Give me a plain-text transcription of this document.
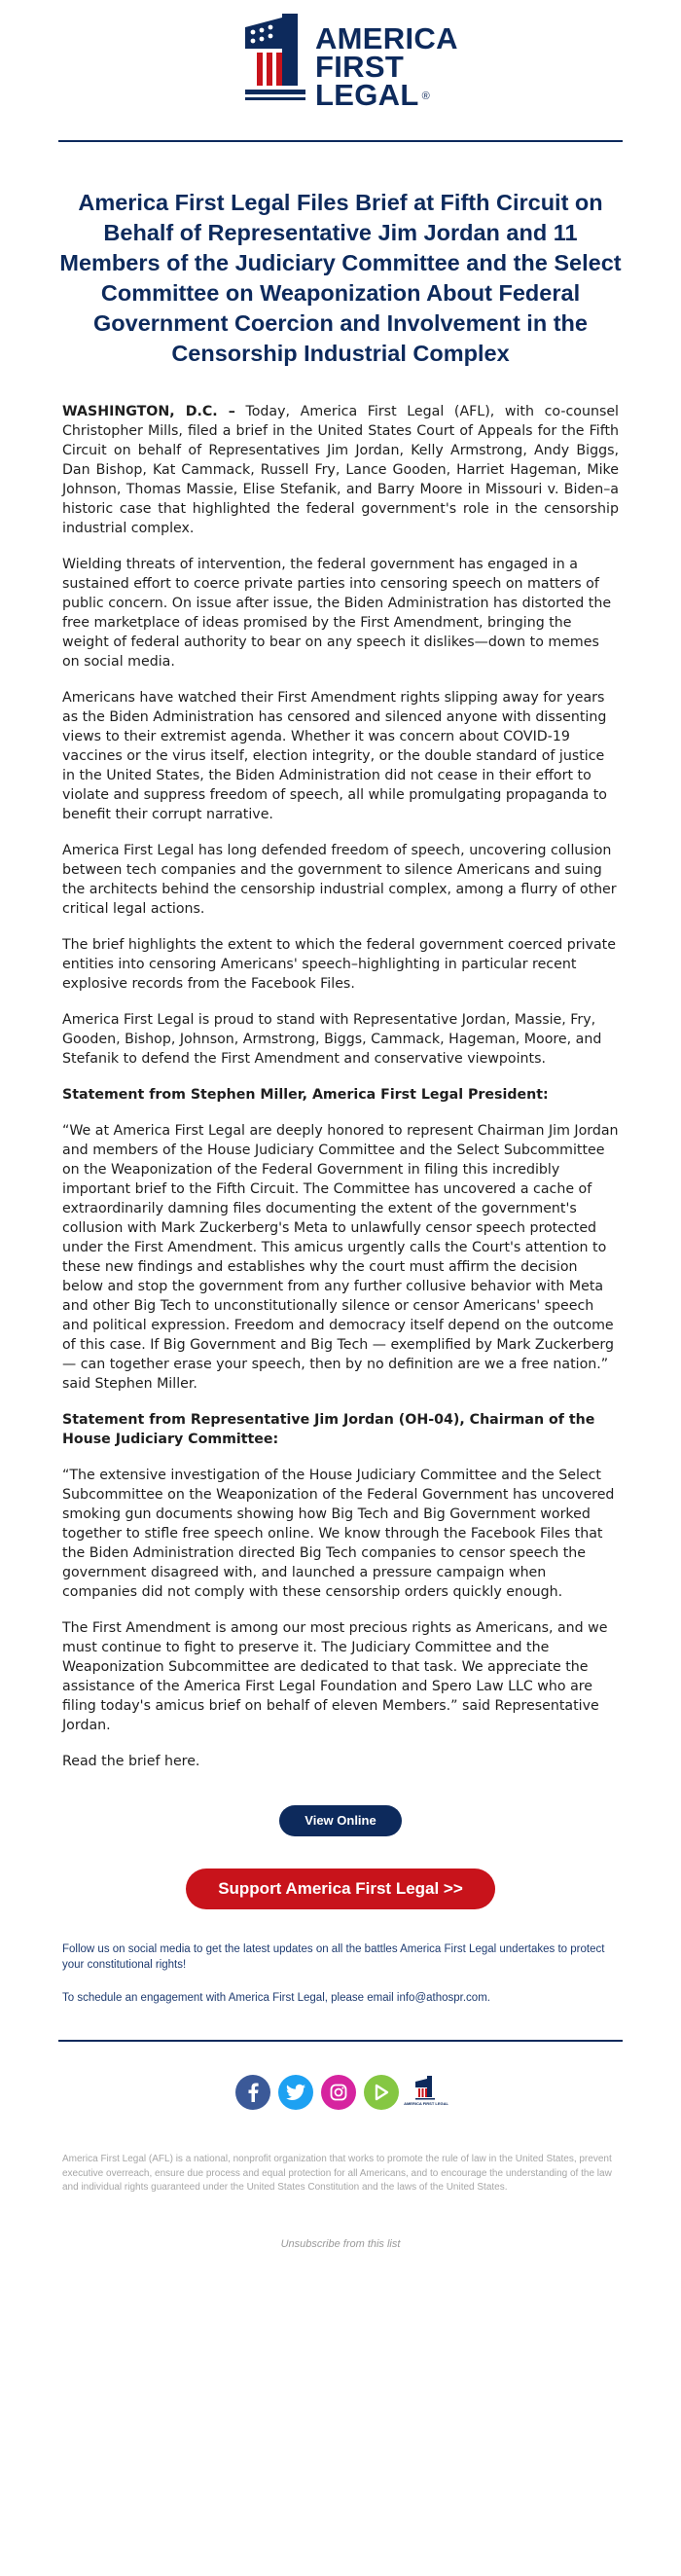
AMERICA
FIRST
LEGAL ®
America First Legal Files Brief at Fifth Circuit on Behalf of Representative Jim Jordan and 11 Members of the Judiciary Committee and the Select Committee on Weaponization About Federal Government Coercion and Involvement in the Censorship Industrial Complex

WASHINGTON, D.C. – Today, America First Legal (AFL), with co-counsel Christopher Mills, filed a brief in the United States Court of Appeals for the Fifth Circuit on behalf of Representatives Jim Jordan, Kelly Armstrong, Andy Biggs, Dan Bishop, Kat Cammack, Russell Fry, Lance Gooden, Harriet Hageman, Mike Johnson, Thomas Massie, Elise Stefanik, and Barry Moore in Missouri v. Biden–a historic case that highlighted the federal government's role in the censorship industrial complex.

Wielding threats of intervention, the federal government has engaged in a sustained effort to coerce private parties into censoring speech on matters of public concern. On issue after issue, the Biden Administration has distorted the free marketplace of ideas promised by the First Amendment, bringing the weight of federal authority to bear on any speech it dislikes—down to memes on social media.

Americans have watched their First Amendment rights slipping away for years as the Biden Administration has censored and silenced anyone with dissenting views to their extremist agenda. Whether it was concern about COVID-19 vaccines or the virus itself, election integrity, or the double standard of justice in the United States, the Biden Administration did not cease in their effort to violate and suppress freedom of speech, all while promulgating propaganda to benefit their corrupt narrative.

America First Legal has long defended freedom of speech, uncovering collusion between tech companies and the government to silence Americans and suing the architects behind the censorship industrial complex, among a flurry of other critical legal actions.

The brief highlights the extent to which the federal government coerced private entities into censoring Americans' speech–highlighting in particular recent explosive records from the Facebook Files.

America First Legal is proud to stand with Representative Jordan, Massie, Fry, Gooden, Bishop, Johnson, Armstrong, Biggs, Cammack, Hageman, Moore, and Stefanik to defend the First Amendment and conservative viewpoints.

Statement from Stephen Miller, America First Legal President:

“We at America First Legal are deeply honored to represent Chairman Jim Jordan and members of the House Judiciary Committee and the Select Subcommittee on the Weaponization of the Federal Government in filing this incredibly important brief to the Fifth Circuit. The Committee has uncovered a cache of extraordinarily damning files documenting the extent of the government's collusion with Mark Zuckerberg's Meta to unlawfully censor speech protected under the First Amendment. This amicus urgently calls the Court's attention to these new findings and establishes why the court must affirm the decision below and stop the government from any further collusive behavior with Meta and other Big Tech to unconstitutionally silence or censor Americans' speech and political expression. Freedom and democracy itself depend on the outcome of this case. If Big Government and Big Tech — exemplified by Mark Zuckerberg — can together erase your speech, then by no definition are we a free nation.” said Stephen Miller.

Statement from Representative Jim Jordan (OH-04), Chairman of the House Judiciary Committee:

“The extensive investigation of the House Judiciary Committee and the Select Subcommittee on the Weaponization of the Federal Government has uncovered smoking gun documents showing how Big Tech and Big Government worked together to stifle free speech online. We know through the Facebook Files that the Biden Administration directed Big Tech companies to censor speech the government disagreed with, and launched a pressure campaign when companies did not comply with these censorship orders quickly enough.

The First Amendment is among our most precious rights as Americans, and we must continue to fight to preserve it. The Judiciary Committee and the Weaponization Subcommittee are dedicated to that task. We appreciate the assistance of the America First Legal Foundation and Spero Law LLC who are filing today's amicus brief on behalf of eleven Members.” said Representative Jordan.

Read the brief here.

View Online
Support America First Legal >>

Follow us on social media to get the latest updates on all the battles America First Legal undertakes to protect your constitutional rights!

To schedule an engagement with America First Legal, please email info@athospr.com.

AMERICA FIRST LEGAL

America First Legal (AFL) is a national, nonprofit organization that works to promote the rule of law in the United States, prevent executive overreach, ensure due process and equal protection for all Americans, and to encourage the understanding of the law and individual rights guaranteed under the United States Constitution and the laws of the United States.

Unsubscribe from this list
